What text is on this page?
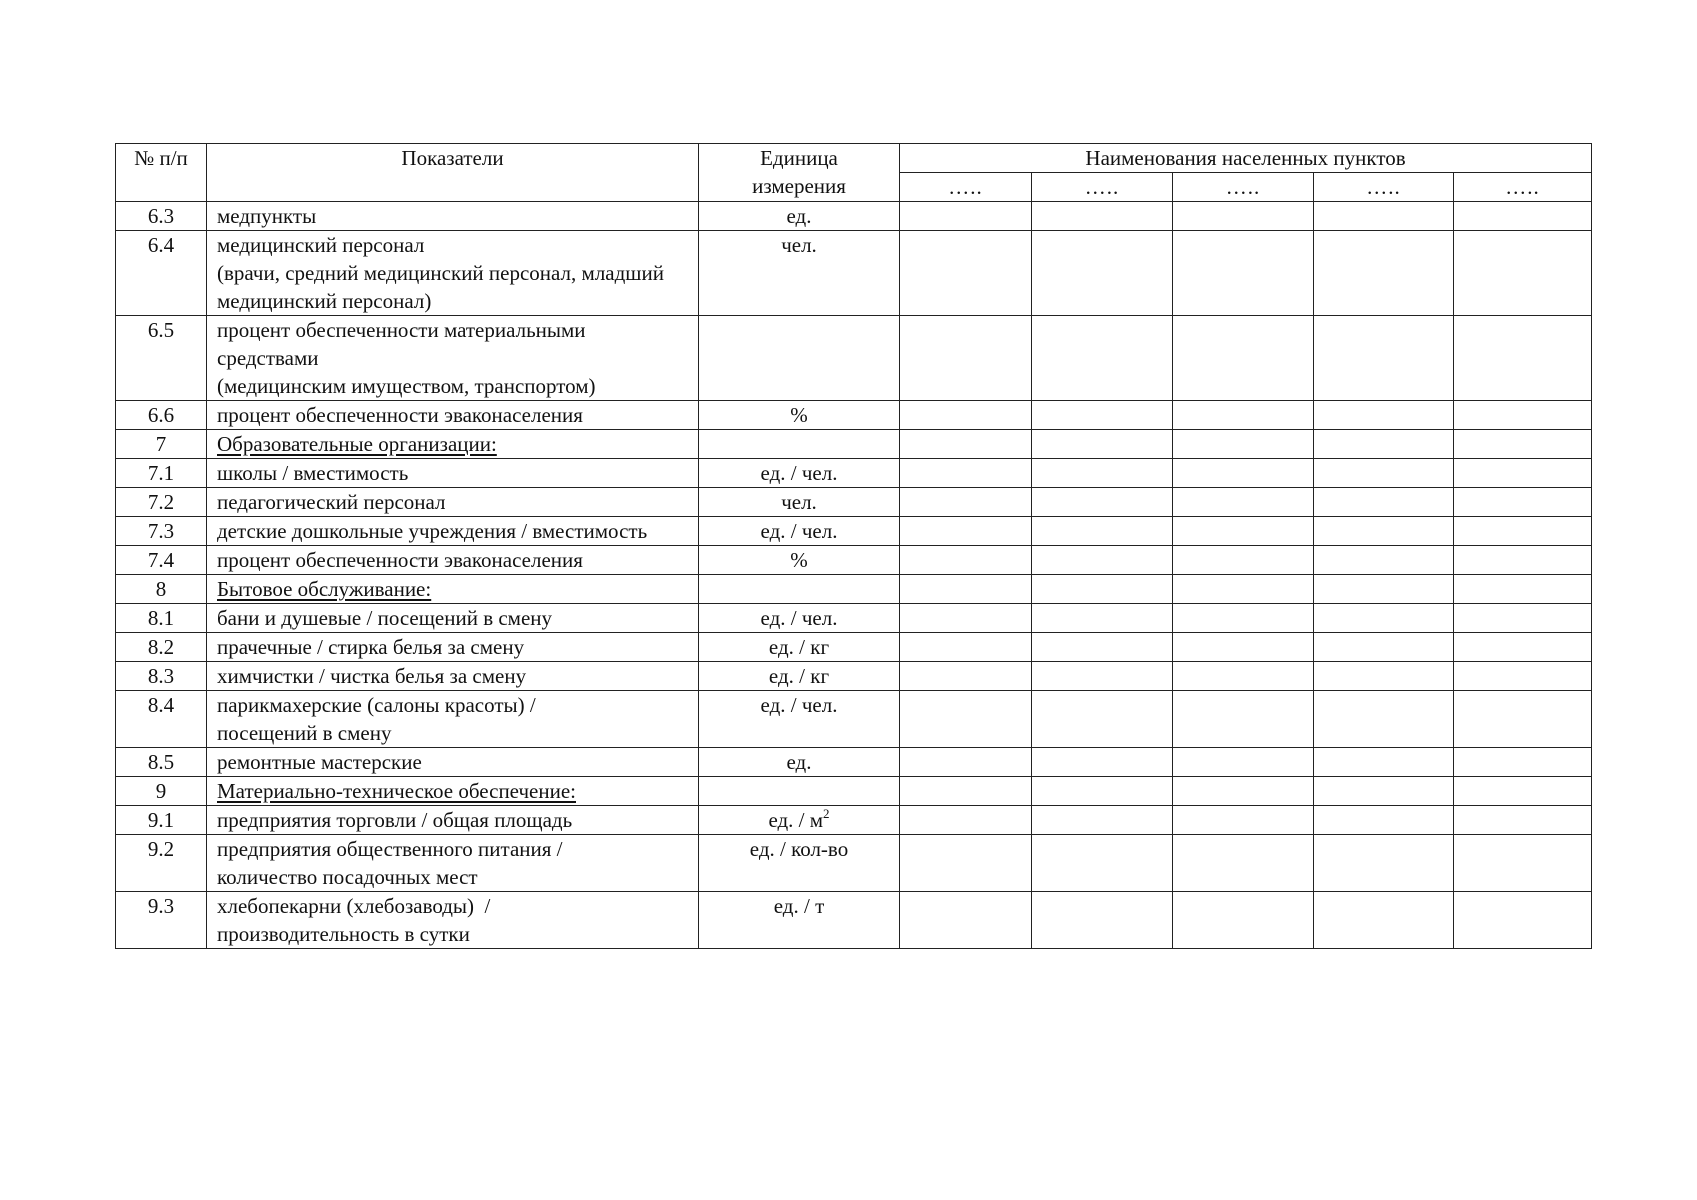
№ п/п	Показатели	Единица
измерения	Наименования населенных пунктов				
			…..	…..	…..	…..	…..
6.3	медпункты	ед.					
6.4	медицинский персонал
(врачи, средний медицинский персонал, младший медицинский персонал)	чел.					
6.5	процент обеспеченности материальными средствами
(медицинским имуществом, транспортом)						

6.6	процент обеспеченности эваконаселения	%					
7	Образовательные организации:						
7.1	школы / вместимость	ед. / чел.					
7.2	педагогический персонал	чел.					
7.3	детские дошкольные учреждения / вместимость	ед. / чел.					
7.4	процент обеспеченности эваконаселения	%					
8	Бытовое обслуживание:						
8.1	бани и душевые / посещений в смену	ед. / чел.					
8.2	прачечные / стирка белья за смену	ед. / кг					
8.3	химчистки / чистка белья за смену	ед. / кг					
8.4	парикмахерские (салоны красоты) /
посещений в смену	ед. / чел.					
8.5	ремонтные мастерские	ед.					
9	Материально-техническое обеспечение:						
9.1	предприятия торговли / общая площадь	ед. / $м^2$					
9.2	предприятия общественного питания /
количество посадочных мест	ед. / кол-во					
9.3	хлебопекарни (хлебозаводы)  /
производительность в сутки	ед. / т					
